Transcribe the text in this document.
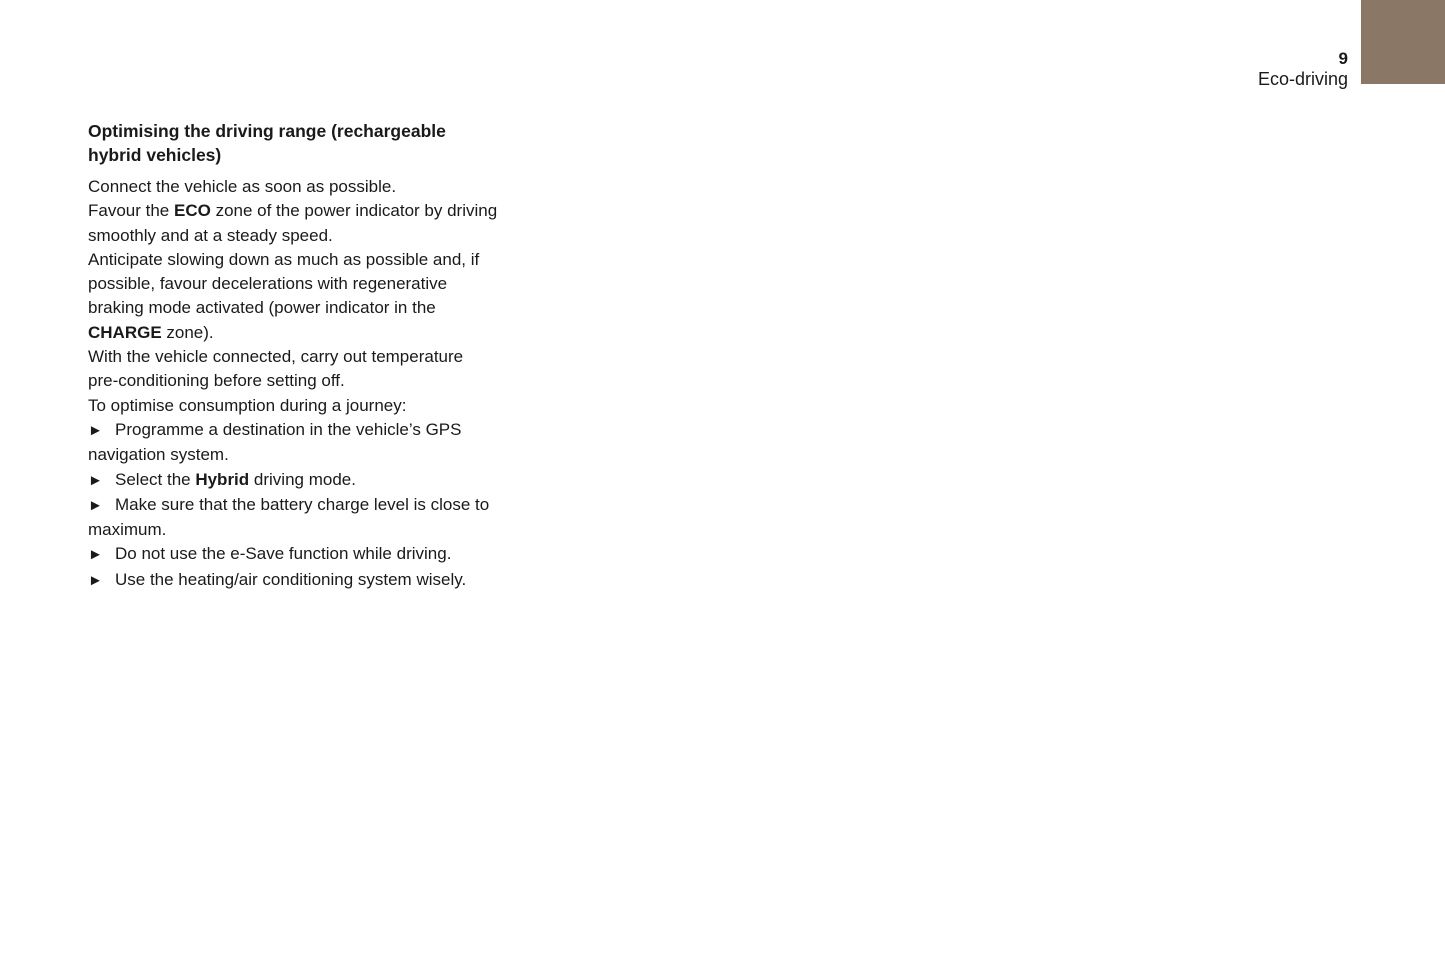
9
Eco-driving
Optimising the driving range (rechargeable hybrid vehicles)

Connect the vehicle as soon as possible.

Favour the ECO zone of the power indicator by driving smoothly and at a steady speed.

Anticipate slowing down as much as possible and, if possible, favour decelerations with regenerative braking mode activated (power indicator in the CHARGE zone).

With the vehicle connected, carry out temperature pre-conditioning before setting off.

To optimise consumption during a journey:

► Programme a destination in the vehicle’s GPS navigation system.

► Select the Hybrid driving mode.

► Make sure that the battery charge level is close to maximum.

► Do not use the e-Save function while driving.

► Use the heating/air conditioning system wisely.
